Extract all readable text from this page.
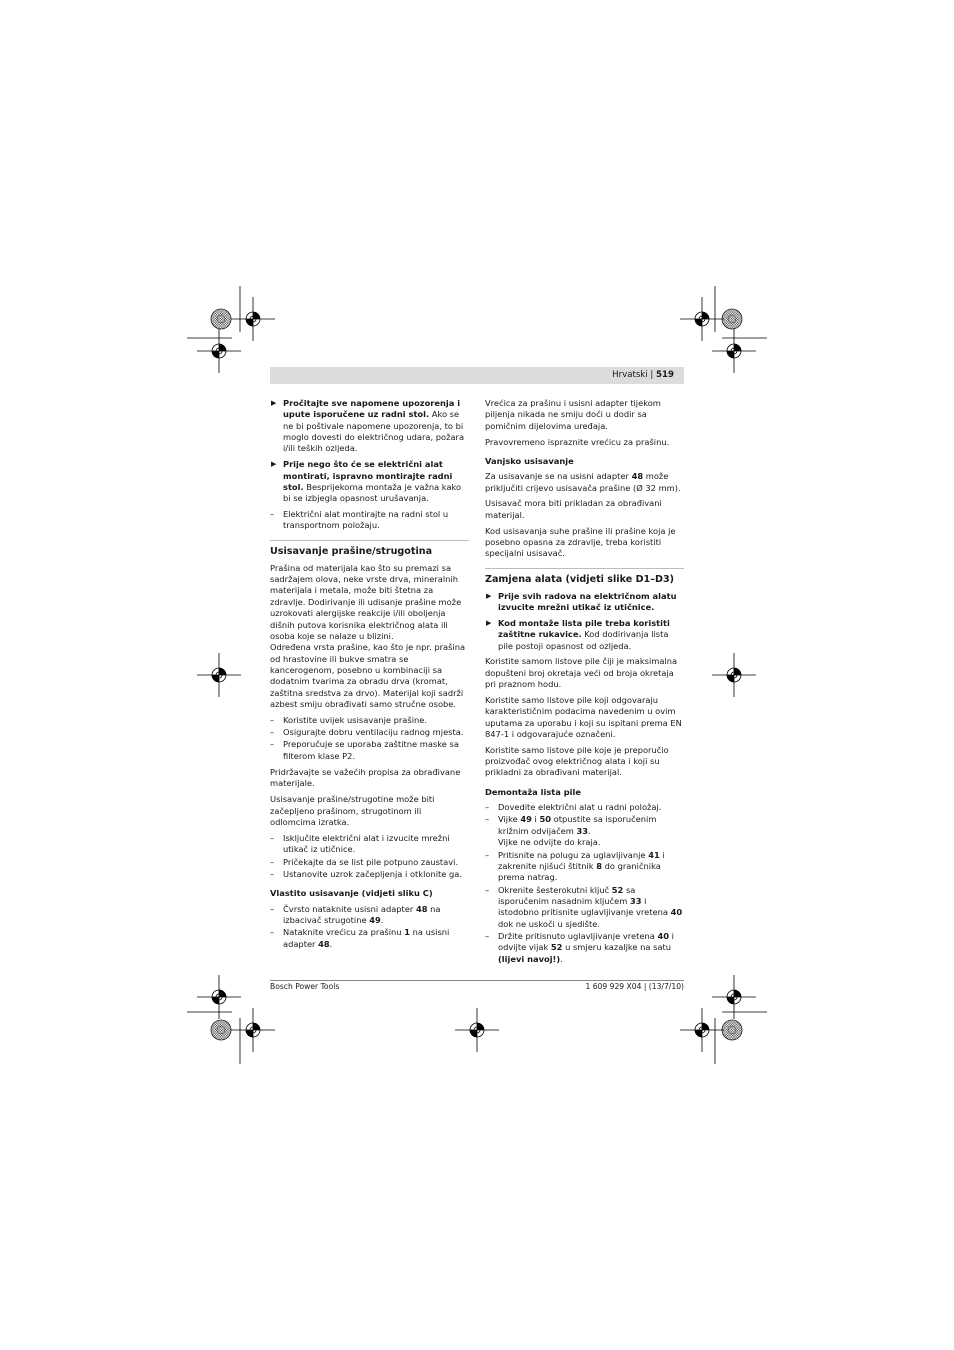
Hrvatski | 519
▶ Pročitajte sve napomene upozorenja i upute isporučene uz radni stol. Ako se ne bi poštivale napomene upozorenja, to bi moglo dovesti do električnog udara, požara i/ili teških ozljeda.
▶ Prije nego što će se električni alat montirati, ispravno montirajte radni stol. Besprijekorna montaža je važna kako bi se izbjegla opasnost urušavanja.
– Električni alat montirajte na radni stol u transportnom položaju.
Usisavanje prašine/strugotina

Prašina od materijala kao što su premazi sa sadržajem olova, neke vrste drva, mineralnih materijala i metala, može biti štetna za zdravlje. Dodirivanje ili udisanje prašine može uzrokovati alergijske reakcije i/ili oboljenja dišnih putova korisnika električnog alata ili osoba koje se nalaze u blizini.
Određena vrsta prašine, kao što je npr. prašina od hrastovine ili bukve smatra se kancerogenom, posebno u kombinaciji sa dodatnim tvarima za obradu drva (kromat, zaštitna sredstva za drvo). Materijal koji sadrži azbest smiju obrađivati samo stručne osobe.

– Koristite uvijek usisavanje prašine.
– Osigurajte dobru ventilaciju radnog mjesta.
– Preporučuje se uporaba zaštitne maske sa filterom klase P2.

Pridržavajte se važećih propisa za obrađivane materijale.

Usisavanje prašine/strugotine može biti začepljeno prašinom, strugotinom ili odlomcima izratka.

– Isključite električni alat i izvucite mrežni utikač iz utičnice.
– Pričekajte da se list pile potpuno zaustavi.
– Ustanovite uzrok začepljenja i otklonite ga.
Vlastito usisavanje (vidjeti sliku C)
– Čvrsto nataknite usisni adapter 48 na izbacivač strugotine 49.
– Nataknite vrećicu za prašinu 1 na usisni adapter 48.

Vrećica za prašinu i usisni adapter tijekom piljenja nikada ne smiju doći u dodir sa pomičnim dijelovima uređaja.

Pravovremeno ispraznite vrećicu za prašinu.

Vanjsko usisavanje

Za usisavanje se na usisni adapter 48 može priključiti crijevo usisavača prašine (Ø 32 mm).

Usisavač mora biti prikladan za obrađivani materijal.

Kod usisavanja suhe prašine ili prašine koja je posebno opasna za zdravlje, treba koristiti specijalni usisavač.

Zamjena alata (vidjeti slike D1–D3)
▶ Prije svih radova na električnom alatu izvucite mrežni utikač iz utičnice.
▶ Kod montaže lista pile treba koristiti zaštitne rukavice. Kod dodirivanja lista pile postoji opasnost od ozljeda.

Koristite samom listove pile čiji je maksimalna dopušteni broj okretaja veći od broja okretaja pri praznom hodu.

Koristite samo listove pile koji odgovaraju karakterističnim podacima navedenim u ovim uputama za uporabu i koji su ispitani prema EN 847-1 i odgovarajuće označeni.

Koristite samo listove pile koje je preporučio proizvođač ovog električnog alata i koji su prikladni za obrađivani materijal.

Demontaža lista pile
– Dovedite električni alat u radni položaj.
– Vijke 49 i 50 otpustite sa isporučenim križnim odvijačem 33.
Vijke ne odvijte do kraja.
– Pritisnite na polugu za uglavljivanje 41 i zakrenite njišući štitnik 8 do graničnika prema natrag.
– Okrenite šesterokutni ključ 52 sa isporučenim nasadnim ključem 33 i istodobno pritisnite uglavljivanje vretena 40 dok ne uskoči u sjedište.
– Držite pritisnuto uglavljivanje vretena 40 i odvijte vijak 52 u smjeru kazaljke na satu (lijevi navoj!).
Bosch Power Tools	1 609 929 X04 | (13/7/10)
